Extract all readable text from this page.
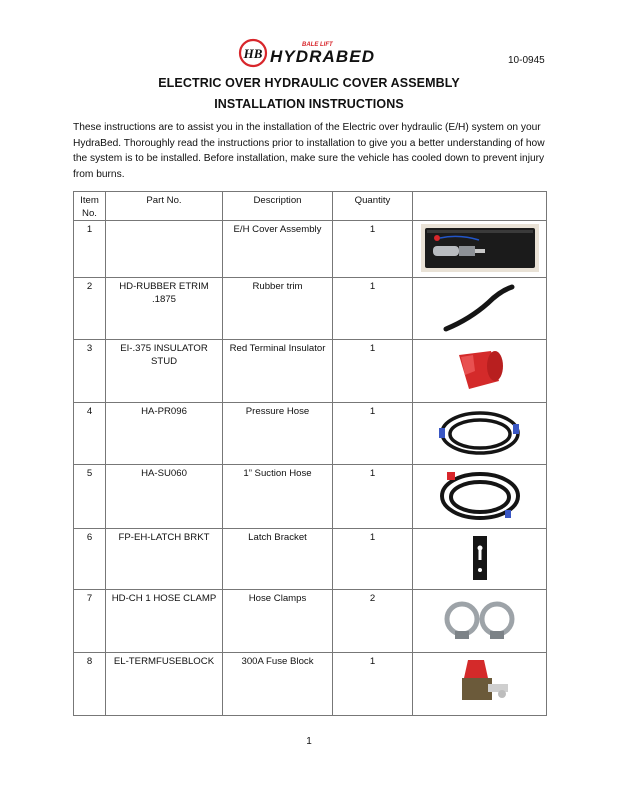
HB
BALE LIFT
HYDRABED	10-0945
ELECTRIC OVER HYDRAULIC COVER ASSEMBLY
INSTALLATION INSTRUCTIONS
These instructions are to assist you in the installation of the Electric over hydraulic (E/H) system on your HydraBed. Thoroughly read the instructions prior to installation to give you a better understanding of how the system is to be installed. Before installation, make sure the vehicle has cooled down to prevent injury from burns.
Item No.	Part No.	Description	Quantity	
1		E/H Cover Assembly	1	

2	HD-RUBBER ETRIM .1875	Rubber trim	1	

3	EI-.375 INSULATOR STUD	Red Terminal Insulator	1	

4	HA-PR096	Pressure Hose	1	

5	HA-SU060	1” Suction Hose	1	

6	FP-EH-LATCH BRKT	Latch Bracket	1	

7	HD-CH 1 HOSE CLAMP	Hose Clamps	2	

8	EL-TERMFUSEBLOCK	300A Fuse Block	1	
1
